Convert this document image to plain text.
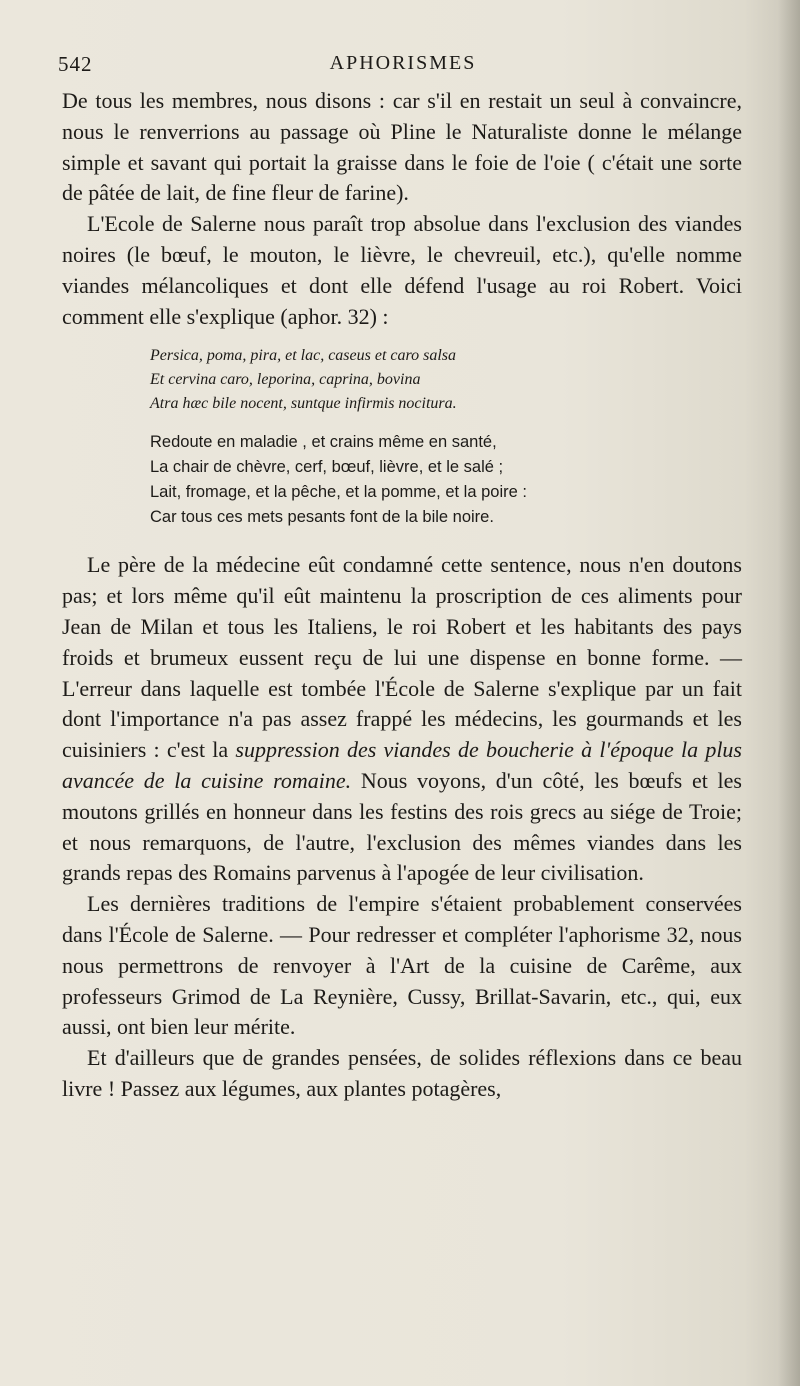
542	APHORISMES

De tous les membres, nous disons : car s'il en restait un seul à convaincre, nous le renverrions au passage où Pline le Naturaliste donne le mélange simple et savant qui portait la graisse dans le foie de l'oie ( c'était une sorte de pâtée de lait, de fine fleur de farine).

L'Ecole de Salerne nous paraît trop absolue dans l'exclusion des viandes noires (le bœuf, le mouton, le lièvre, le chevreuil, etc.), qu'elle nomme viandes mélancoliques et dont elle défend l'usage au roi Robert. Voici comment elle s'explique (aphor. 32) :

Persica, poma, pira, et lac, caseus et caro salsa
Et cervina caro, leporina, caprina, bovina
Atra hæc bile nocent, suntque infirmis nocitura.
Redoute en maladie , et crains même en santé,
La chair de chèvre, cerf, bœuf, lièvre, et le salé ;
Lait, fromage, et la pêche, et la pomme, et la poire :
Car tous ces mets pesants font de la bile noire.

Le père de la médecine eût condamné cette sentence, nous n'en doutons pas; et lors même qu'il eût maintenu la proscription de ces aliments pour Jean de Milan et tous les Italiens, le roi Robert et les habitants des pays froids et brumeux eussent reçu de lui une dispense en bonne forme. — L'erreur dans laquelle est tombée l'École de Salerne s'explique par un fait dont l'importance n'a pas assez frappé les médecins, les gourmands et les cuisiniers : c'est la suppression des viandes de boucherie à l'époque la plus avancée de la cuisine romaine. Nous voyons, d'un côté, les bœufs et les moutons grillés en honneur dans les festins des rois grecs au siége de Troie; et nous remarquons, de l'autre, l'exclusion des mêmes viandes dans les grands repas des Romains parvenus à l'apogée de leur civilisation.

Les dernières traditions de l'empire s'étaient probablement conservées dans l'École de Salerne. — Pour redresser et compléter l'aphorisme 32, nous nous permettrons de renvoyer à l'Art de la cuisine de Carême, aux professeurs Grimod de La Reynière, Cussy, Brillat-Savarin, etc., qui, eux aussi, ont bien leur mérite.

Et d'ailleurs que de grandes pensées, de solides réflexions dans ce beau livre ! Passez aux légumes, aux plantes potagères,
